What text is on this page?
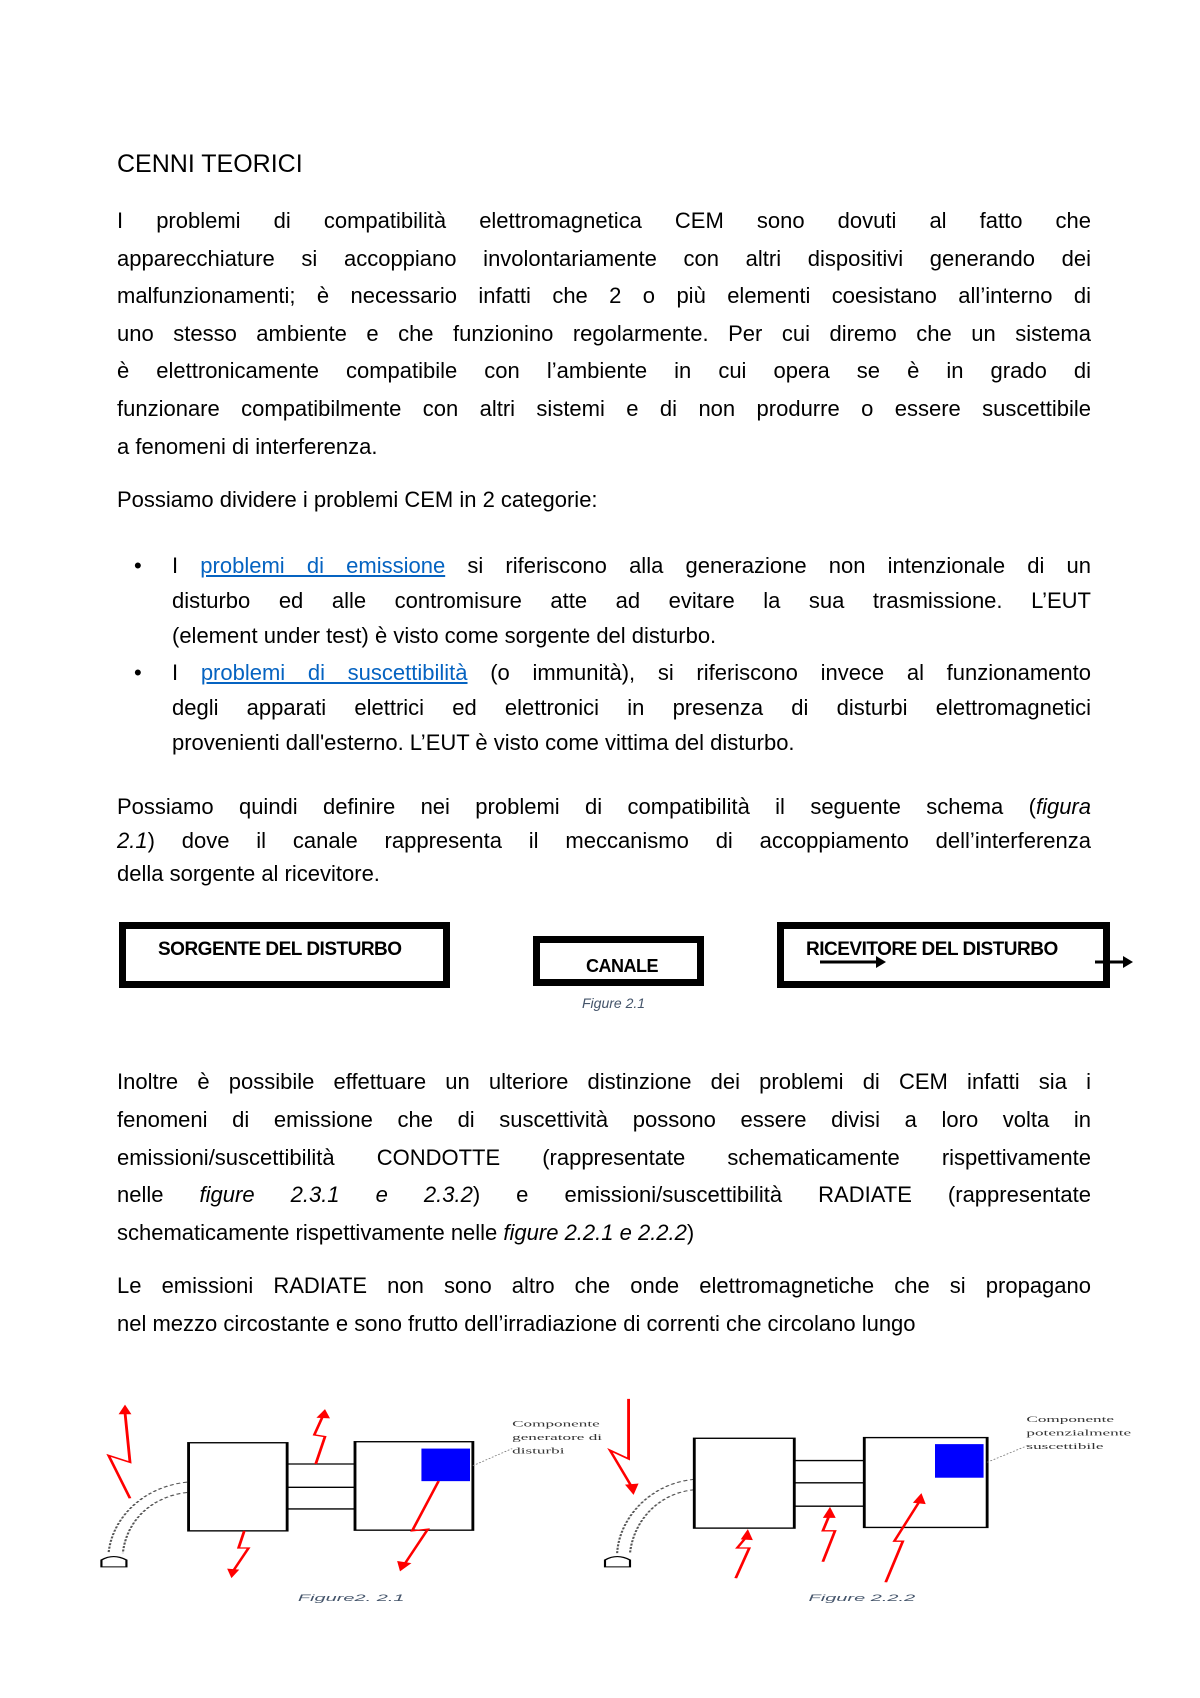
CENNI TEORICI
I problemi di compatibilità elettromagnetica CEM sono dovuti al fatto che
apparecchiature si accoppiano involontariamente con altri dispositivi generando dei
malfunzionamenti; è necessario infatti che 2 o più elementi coesistano all’interno di
uno stesso ambiente e che funzionino regolarmente. Per cui diremo che un sistema
è elettronicamente compatibile con l’ambiente in cui opera se è in grado di
funzionare compatibilmente con altri sistemi e di non produrre o essere suscettibile
a fenomeni di interferenza.
Possiamo dividere i problemi CEM in 2 categorie:
• I problemi di emissione si riferiscono alla generazione non intenzionale di un
disturbo ed alle contromisure atte ad evitare la sua trasmissione. L’EUT
(element under test) è visto come sorgente del disturbo.
• I problemi di suscettibilità (o immunità), si riferiscono invece al funzionamento
degli apparati elettrici ed elettronici in presenza di disturbi elettromagnetici
provenienti dall'esterno. L’EUT è visto come vittima del disturbo.
Possiamo quindi definire nei problemi di compatibilità il seguente schema (figura
2.1) dove il canale rappresenta il meccanismo di accoppiamento dell’interferenza
della sorgente al ricevitore.
SORGENTE DEL DISTURBO
CANALE
RICEVITORE DEL DISTURBO
Figure 2.1
Inoltre è possibile effettuare un ulteriore distinzione dei problemi di CEM infatti sia i
fenomeni di emissione che di suscettività possono essere divisi a loro volta in
emissioni/suscettibilità CONDOTTE (rappresentate schematicamente rispettivamente
nelle figure 2.3.1 e 2.3.2) e emissioni/suscettibilità RADIATE (rappresentate
schematicamente rispettivamente nelle figure 2.2.1 e 2.2.2)
Le emissioni RADIATE non sono altro che onde elettromagnetiche che si propagano
nel mezzo circostante e sono frutto dell’irradiazione di correnti che circolano lungo
Componente
generatore di
disturbi
Componente
potenzialmente
suscettibile
Figure2. 2.1	Figure 2.2.2
